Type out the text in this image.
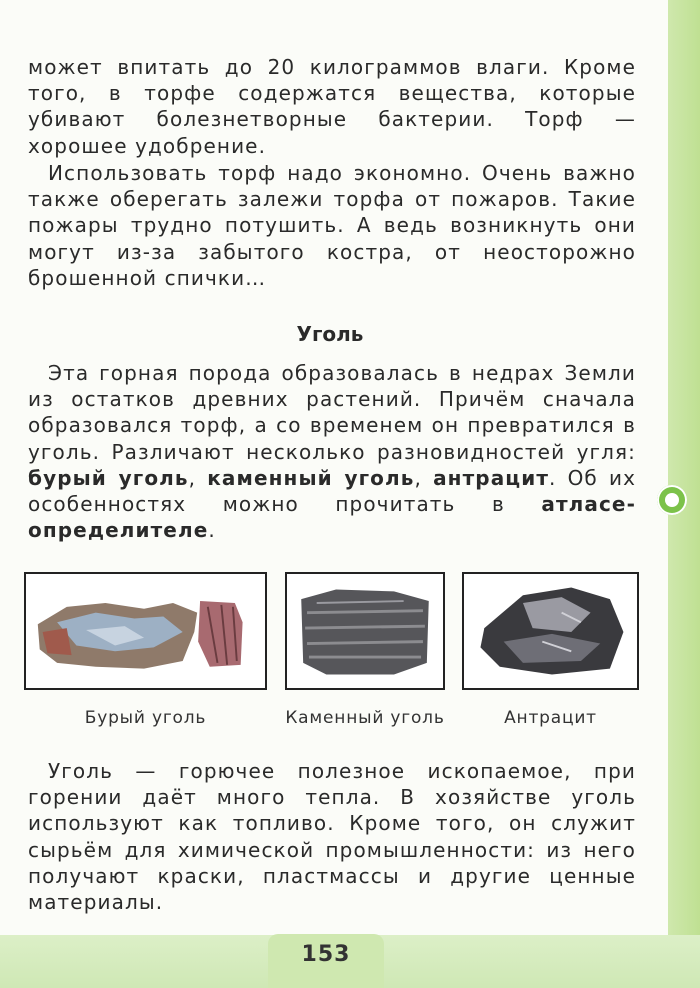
может впитать до 20 килограммов влаги. Кроме того, в торфе содержатся вещества, которые убивают болезнетворные бактерии. Торф — хорошее удобрение.

Использовать торф надо экономно. Очень важно также оберегать залежи торфа от пожаров. Такие пожары трудно потушить. А ведь возникнуть они могут из-за забытого костра, от неосторожно брошенной спички…

Уголь

Эта горная порода образовалась в недрах Земли из остатков древних растений. Причём сначала образовался торф, а со временем он превратился в уголь. Различают несколько разновидностей угля: бурый уголь, каменный уголь, антрацит. Об их особенностях можно прочитать в атласе-определителе.

Бурый уголь	Каменный уголь	Антрацит

Уголь — горючее полезное ископаемое, при горении даёт много тепла. В хозяйстве уголь используют как топливо. Кроме того, он служит сырьём для химической промышленности: из него получают краски, пластмассы и другие ценные материалы.

153
